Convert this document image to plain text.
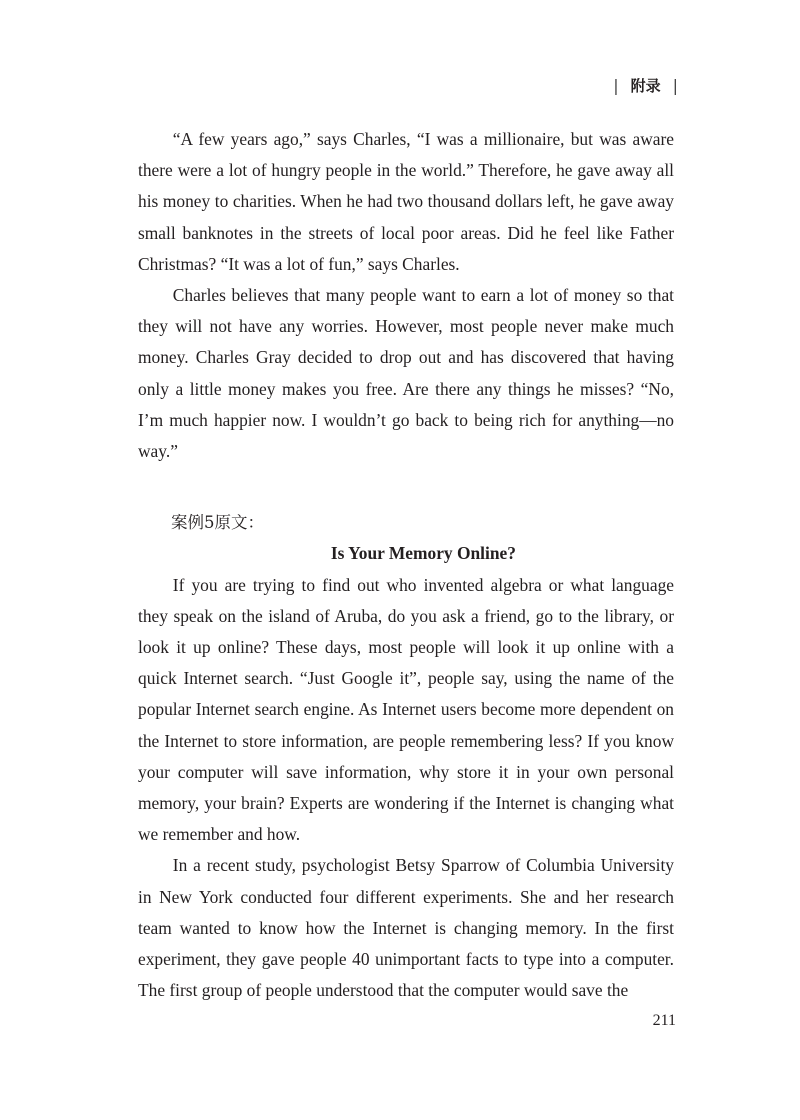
| 附录 |

“A few years ago,” says Charles, “I was a millionaire, but was aware there were a lot of hungry people in the world.” Therefore, he gave away all his money to charities. When he had two thousand dollars left, he gave away small banknotes in the streets of local poor areas. Did he feel like Father Christmas? “It was a lot of fun,” says Charles.

Charles believes that many people want to earn a lot of money so that they will not have any worries. However, most people never make much money. Charles Gray decided to drop out and has discovered that having only a little money makes you free. Are there any things he misses? “No, I’m much happier now. I wouldn’t go back to being rich for anything—no way.”

案例5原文：

Is Your Memory Online?

If you are trying to find out who invented algebra or what language they speak on the island of Aruba, do you ask a friend, go to the library, or look it up online? These days, most people will look it up online with a quick Internet search. “Just Google it”, people say, using the name of the popular Internet search engine. As Internet users become more dependent on the Internet to store information, are people remembering less? If you know your computer will save information, why store it in your own personal memory, your brain? Experts are wondering if the Internet is changing what we remember and how.

In a recent study, psychologist Betsy Sparrow of Columbia University in New York conducted four different experiments. She and her research team wanted to know how the Internet is changing memory. In the first experiment, they gave people 40 unimportant facts to type into a computer. The first group of people understood that the computer would save the

211
